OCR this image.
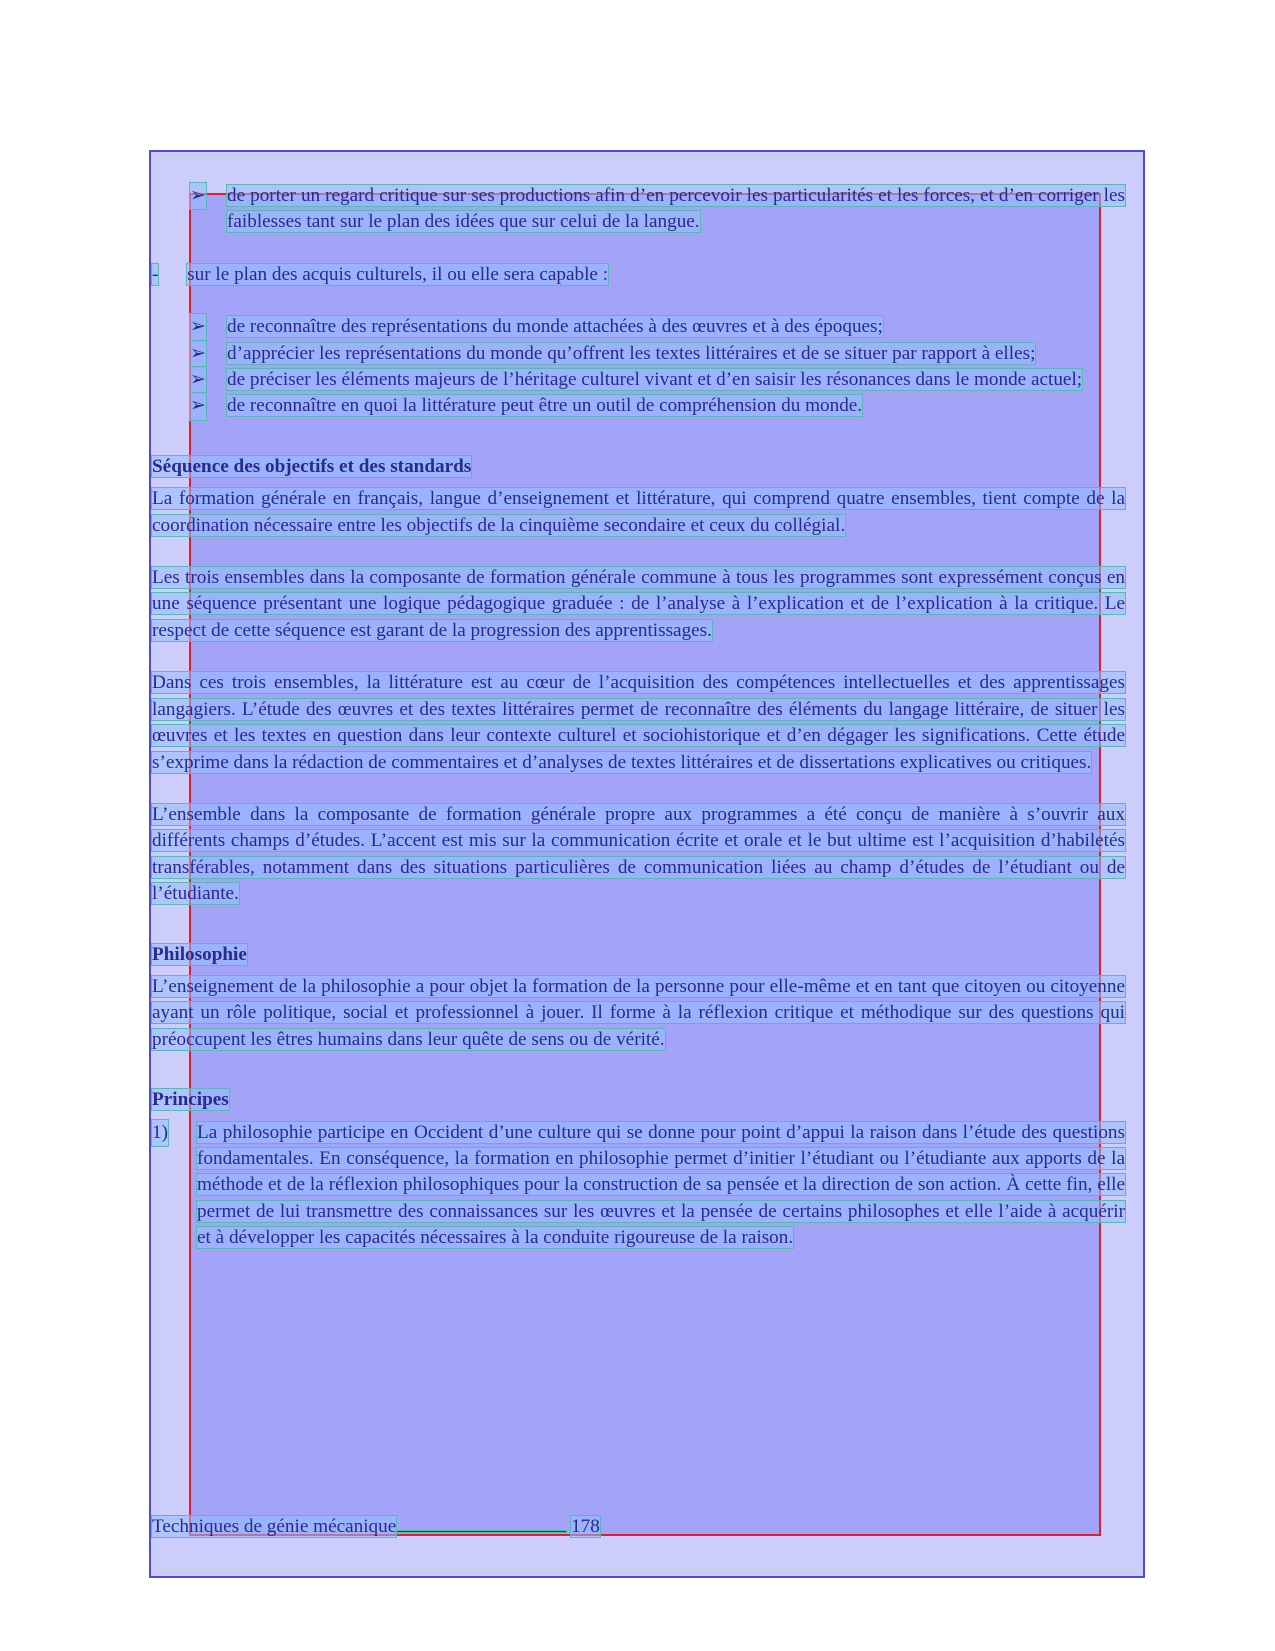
➢ de porter un regard critique sur ses productions afin d’en percevoir les particularités et les forces, et d’en corriger les faiblesses tant sur le plan des idées que sur celui de la langue.

- sur le plan des acquis culturels, il ou elle sera capable :

➢ de reconnaître des représentations du monde attachées à des œuvres et à des époques;
➢ d’apprécier les représentations du monde qu’offrent les textes littéraires et de se situer par rapport à elles;
➢ de préciser les éléments majeurs de l’héritage culturel vivant et d’en saisir les résonances dans le monde actuel;
➢ de reconnaître en quoi la littérature peut être un outil de compréhension du monde.

Séquence des objectifs et des standards

La formation générale en français, langue d’enseignement et littérature, qui comprend quatre ensembles, tient compte de la coordination nécessaire entre les objectifs de la cinquième secondaire et ceux du collégial.

Les trois ensembles dans la composante de formation générale commune à tous les programmes sont expressément conçus en une séquence présentant une logique pédagogique graduée : de l’analyse à l’explication et de l’explication à la critique. Le respect de cette séquence est garant de la progression des apprentissages.

Dans ces trois ensembles, la littérature est au cœur de l’acquisition des compétences intellectuelles et des apprentissages langagiers. L’étude des œuvres et des textes littéraires permet de reconnaître des éléments du langage littéraire, de situer les œuvres et les textes en question dans leur contexte culturel et sociohistorique et d’en dégager les significations. Cette étude s’exprime dans la rédaction de commentaires et d’analyses de textes littéraires et de dissertations explicatives ou critiques.

L’ensemble dans la composante de formation générale propre aux programmes a été conçu de manière à s’ouvrir aux différents champs d’études. L’accent est mis sur la communication écrite et orale et le but ultime est l’acquisition d’habiletés transférables, notamment dans des situations particulières de communication liées au champ d’études de l’étudiant ou de l’étudiante.

Philosophie

L’enseignement de la philosophie a pour objet la formation de la personne pour elle-même et en tant que citoyen ou citoyenne ayant un rôle politique, social et professionnel à jouer. Il forme à la réflexion critique et méthodique sur des questions qui préoccupent les êtres humains dans leur quête de sens ou de vérité.

Principes

1) La philosophie participe en Occident d’une culture qui se donne pour point d’appui la raison dans l’étude des questions fondamentales. En conséquence, la formation en philosophie permet d’initier l’étudiant ou l’étudiante aux apports de la méthode et de la réflexion philosophiques pour la construction de sa pensée et la direction de son action. À cette fin, elle permet de lui transmettre des connaissances sur les œuvres et la pensée de certains philosophes et elle l’aide à acquérir et à développer les capacités nécessaires à la conduite rigoureuse de la raison.
Techniques de génie mécanique	178
